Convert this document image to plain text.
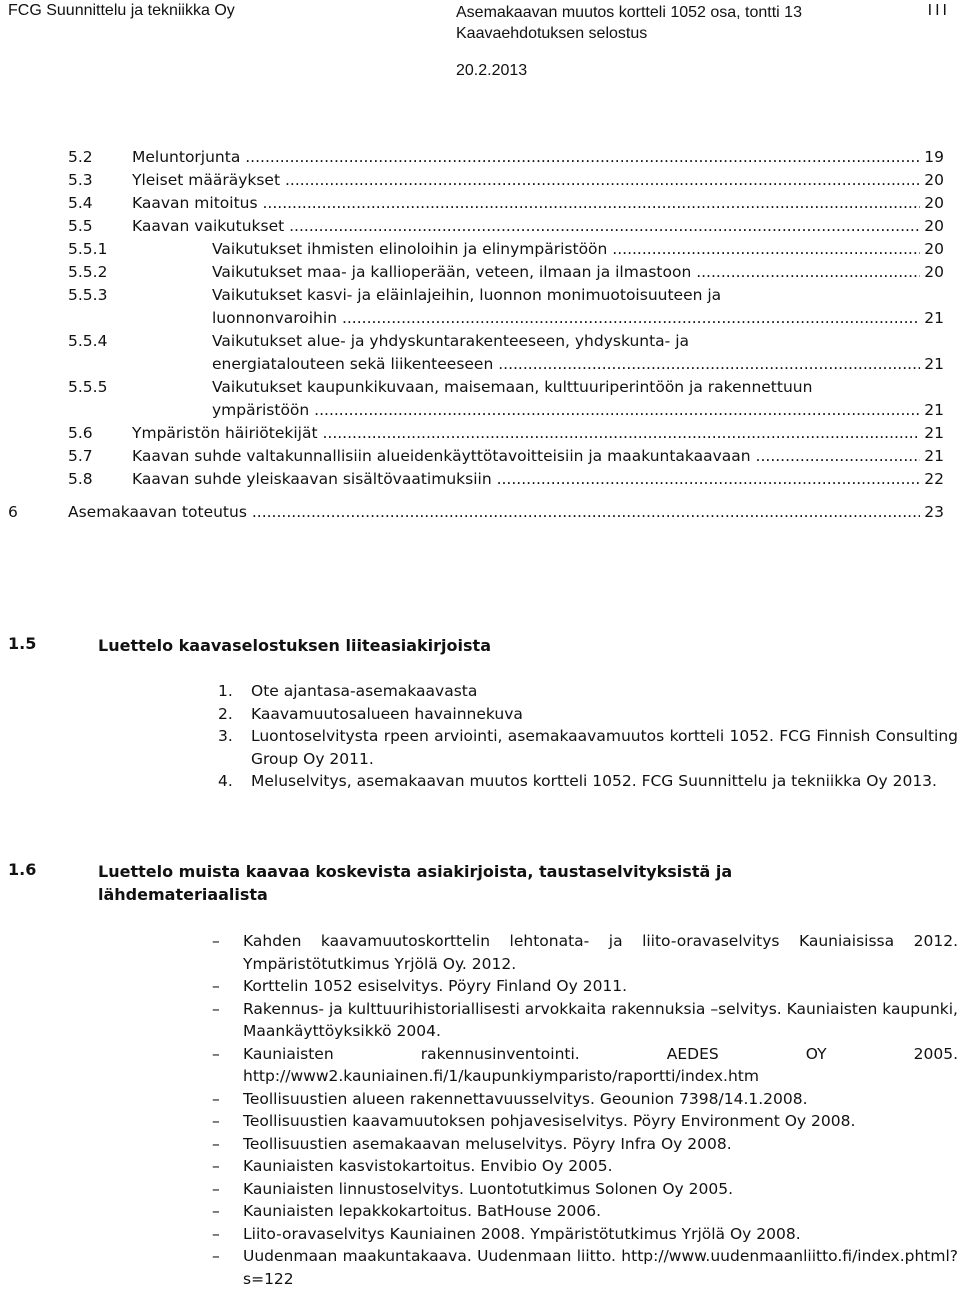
FCG Suunnittelu ja tekniikka Oy	Asemakaavan muutos kortteli 1052 osa, tontti 13
Kaavaehdotuksen selostus
III
20.2.2013
5.2	Meluntorjunta .....	19
5.3	Yleiset määräykset .....	20
5.4	Kaavan mitoitus .....	20
5.5	Kaavan vaikutukset .....	20
5.5.1	Vaikutukset ihmisten elinoloihin ja elinympäristöön .....	20
5.5.2	Vaikutukset maa- ja kallioperään, veteen, ilmaan ja ilmastoon .....	20
5.5.3	Vaikutukset kasvi- ja eläinlajeihin, luonnon monimuotoisuuteen ja
luonnonvaroihin .....	21
5.5.4	Vaikutukset alue- ja yhdyskuntarakenteeseen, yhdyskunta- ja
energiatalouteen sekä liikenteeseen .....	21
5.5.5	Vaikutukset kaupunkikuvaan, maisemaan, kulttuuriperintöön ja rakennettuun
ympäristöön .....	21
5.6	Ympäristön häiriötekijät .....	21
5.7	Kaavan suhde valtakunnallisiin alueidenkäyttötavoitteisiin ja maakuntakaavaan .....	21
5.8	Kaavan suhde yleiskaavan sisältövaatimuksiin .....	22
6	Asemakaavan toteutus .....	23
1.5	Luettelo kaavaselostuksen liiteasiakirjoista
1. Ote ajantasa-asemakaavasta
2. Kaavamuutosalueen havainnekuva
3. Luontoselvitysta rpeen arviointi, asemakaavamuutos kortteli 1052. FCG Finnish Consulting Group Oy 2011.
4. Meluselvitys, asemakaavan muutos kortteli 1052. FCG Suunnittelu ja tekniikka Oy 2013.
1.6	Luettelo muista kaavaa koskevista asiakirjoista, taustaselvityksistä ja lähdemateriaalista
– Kahden kaavamuutoskorttelin lehtonata- ja liito-oravaselvitys Kauniaisissa 2012. Ympäristötutkimus Yrjölä Oy. 2012.
– Korttelin 1052 esiselvitys. Pöyry Finland Oy 2011.
– Rakennus- ja kulttuurihistoriallisesti arvokkaita rakennuksia –selvitys. Kauniaisten kaupunki, Maankäyttöyksikkö 2004.
– Kauniaisten rakennusinventointi. AEDES OY 2005. http://www2.kauniainen.fi/1/kaupunkiymparisto/raportti/index.htm
– Teollisuustien alueen rakennettavuusselvitys. Geounion 7398/14.1.2008.
– Teollisuustien kaavamuutoksen pohjavesiselvitys. Pöyry Environment Oy 2008.
– Teollisuustien asemakaavan meluselvitys. Pöyry Infra Oy 2008.
– Kauniaisten kasvistokartoitus. Envibio Oy 2005.
– Kauniaisten linnustoselvitys. Luontotutkimus Solonen Oy 2005.
– Kauniaisten lepakkokartoitus. BatHouse 2006.
– Liito-oravaselvitys Kauniainen 2008. Ympäristötutkimus Yrjölä Oy 2008.
– Uudenmaan maakuntakaava. Uudenmaan liitto. http://www.uudenmaanliitto.fi/index.phtml?s=122
